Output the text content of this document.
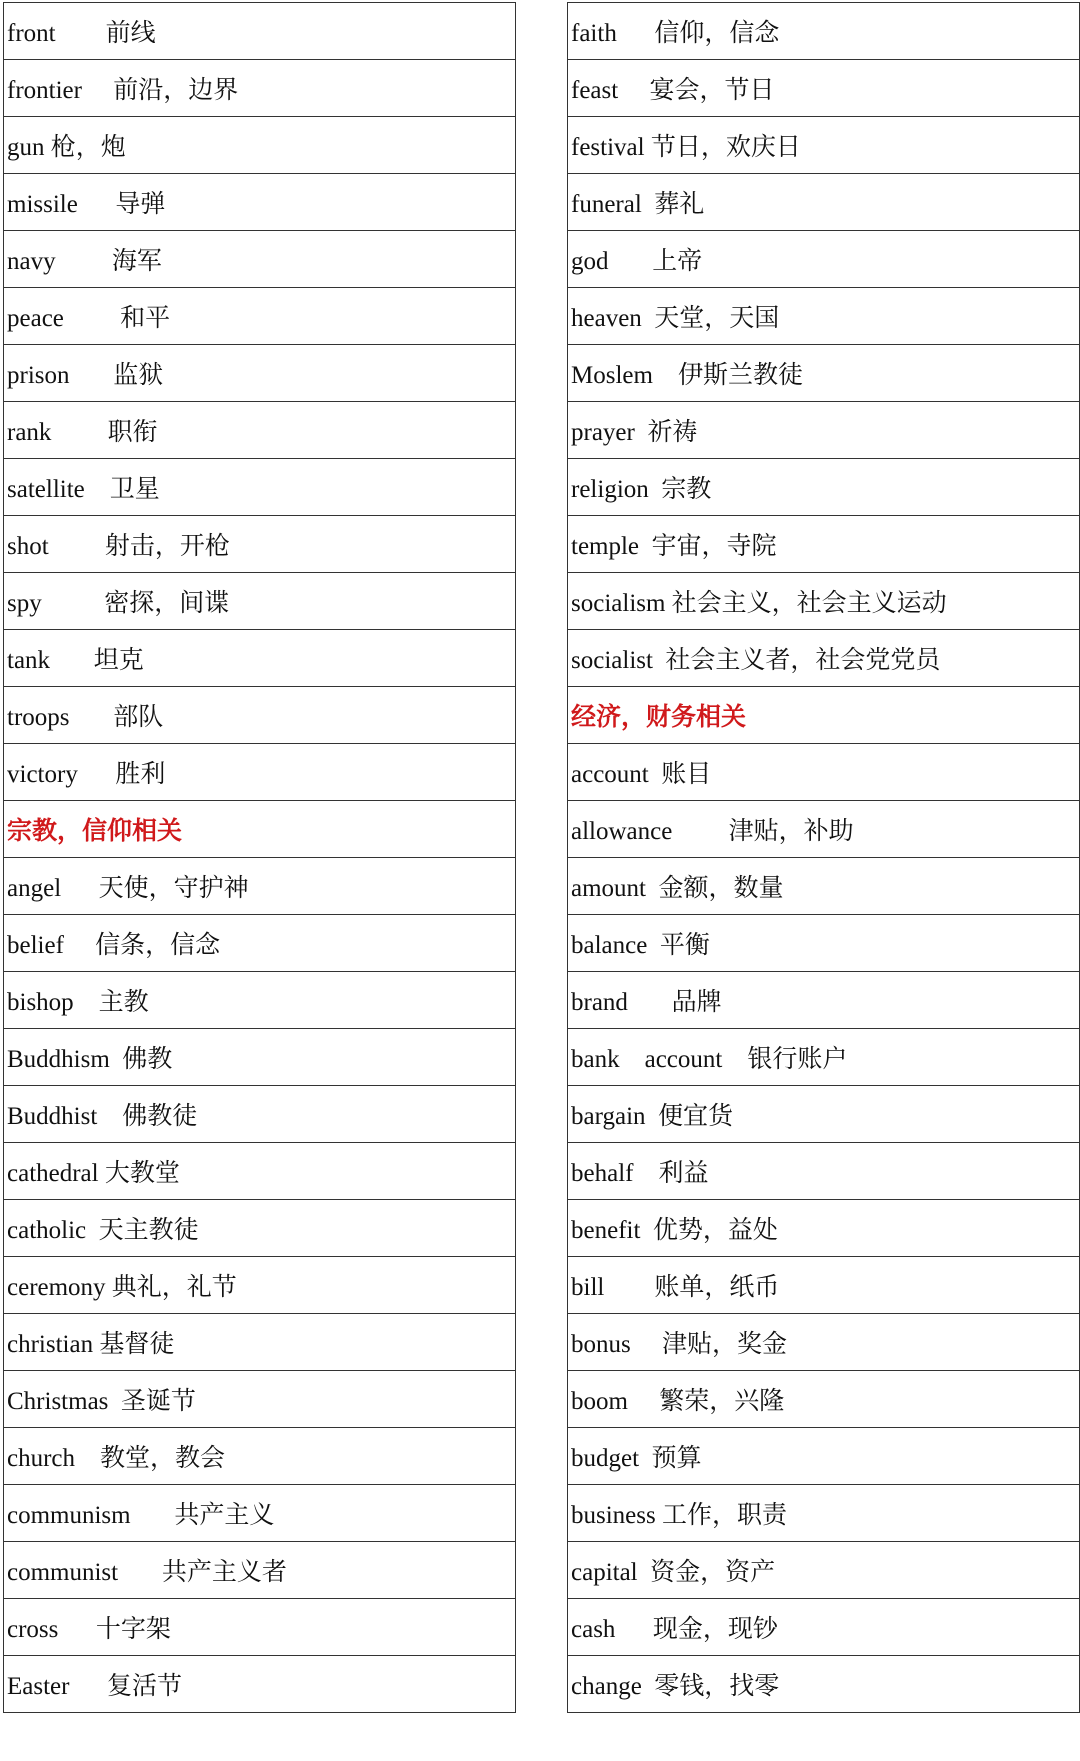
front        前线
frontier     前沿，边界
gun 枪，炮
missile      导弹
navy         海军
peace         和平
prison       监狱
rank         职衔
satellite    卫星
shot         射击，开枪
spy          密探，间谍
tank       坦克
troops       部队
victory      胜利
宗教，信仰相关
angel      天使，守护神
belief     信条，信念
bishop    主教
Buddhism  佛教
Buddhist    佛教徒
cathedral 大教堂
catholic  天主教徒
ceremony 典礼，礼节
christian 基督徒
Christmas  圣诞节
church    教堂，教会
communism       共产主义
communist       共产主义者
cross      十字架
Easter      复活节
faith      信仰，信念
feast     宴会，节日
festival 节日，欢庆日
funeral  葬礼
god       上帝
heaven  天堂，天国
Moslem    伊斯兰教徒
prayer  祈祷
religion  宗教
temple  宇宙，寺院
socialism 社会主义，社会主义运动
socialist  社会主义者，社会党党员
经济，财务相关
account  账目
allowance         津贴，补助
amount  金额，数量
balance  平衡
brand       品牌
bank    account    银行账户
bargain  便宜货
behalf    利益
benefit  优势，益处
bill        账单，纸币
bonus     津贴，奖金
boom     繁荣，兴隆
budget  预算
business 工作，职责
capital  资金，资产
cash      现金，现钞
change  零钱，找零
